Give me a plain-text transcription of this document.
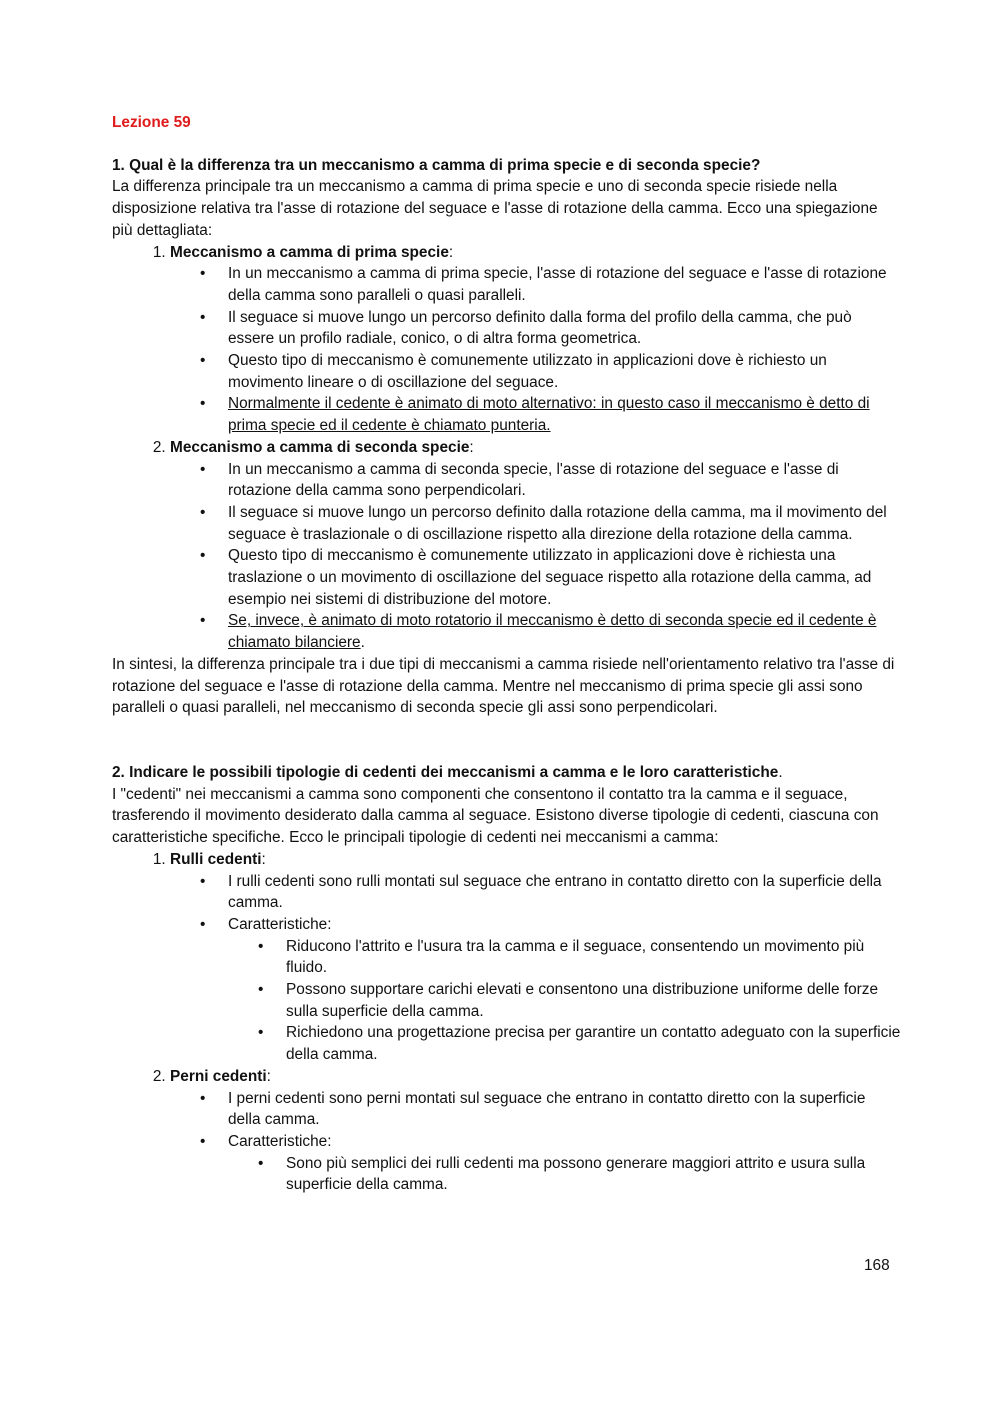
Lezione 59

1. Qual è la differenza tra un meccanismo a camma di prima specie e di seconda specie?

La differenza principale tra un meccanismo a camma di prima specie e uno di seconda specie risiede nella disposizione relativa tra l'asse di rotazione del seguace e l'asse di rotazione della camma. Ecco una spiegazione più dettagliata:

1. Meccanismo a camma di prima specie:
• In un meccanismo a camma di prima specie, l'asse di rotazione del seguace e l'asse di rotazione della camma sono paralleli o quasi paralleli.
• Il seguace si muove lungo un percorso definito dalla forma del profilo della camma, che può essere un profilo radiale, conico, o di altra forma geometrica.
• Questo tipo di meccanismo è comunemente utilizzato in applicazioni dove è richiesto un movimento lineare o di oscillazione del seguace.
• Normalmente il cedente è animato di moto alternativo: in questo caso il meccanismo è detto di prima specie ed il cedente è chiamato punteria.
2. Meccanismo a camma di seconda specie:
• In un meccanismo a camma di seconda specie, l'asse di rotazione del seguace e l'asse di rotazione della camma sono perpendicolari.
• Il seguace si muove lungo un percorso definito dalla rotazione della camma, ma il movimento del seguace è traslazionale o di oscillazione rispetto alla direzione della rotazione della camma.
• Questo tipo di meccanismo è comunemente utilizzato in applicazioni dove è richiesta una traslazione o un movimento di oscillazione del seguace rispetto alla rotazione della camma, ad esempio nei sistemi di distribuzione del motore.
• Se, invece, è animato di moto rotatorio il meccanismo è detto di seconda specie ed il cedente è chiamato bilanciere.

In sintesi, la differenza principale tra i due tipi di meccanismi a camma risiede nell'orientamento relativo tra l'asse di rotazione del seguace e l'asse di rotazione della camma. Mentre nel meccanismo di prima specie gli assi sono paralleli o quasi paralleli, nel meccanismo di seconda specie gli assi sono perpendicolari.

2. Indicare le possibili tipologie di cedenti dei meccanismi a camma e le loro caratteristiche.

I "cedenti" nei meccanismi a camma sono componenti che consentono il contatto tra la camma e il seguace, trasferendo il movimento desiderato dalla camma al seguace. Esistono diverse tipologie di cedenti, ciascuna con caratteristiche specifiche. Ecco le principali tipologie di cedenti nei meccanismi a camma:

1. Rulli cedenti:
• I rulli cedenti sono rulli montati sul seguace che entrano in contatto diretto con la superficie della camma.
• Caratteristiche:
• Riducono l'attrito e l'usura tra la camma e il seguace, consentendo un movimento più fluido.
• Possono supportare carichi elevati e consentono una distribuzione uniforme delle forze sulla superficie della camma.
• Richiedono una progettazione precisa per garantire un contatto adeguato con la superficie della camma.
2. Perni cedenti:
• I perni cedenti sono perni montati sul seguace che entrano in contatto diretto con la superficie della camma.
• Caratteristiche:
• Sono più semplici dei rulli cedenti ma possono generare maggiori attrito e usura sulla superficie della camma.
168
